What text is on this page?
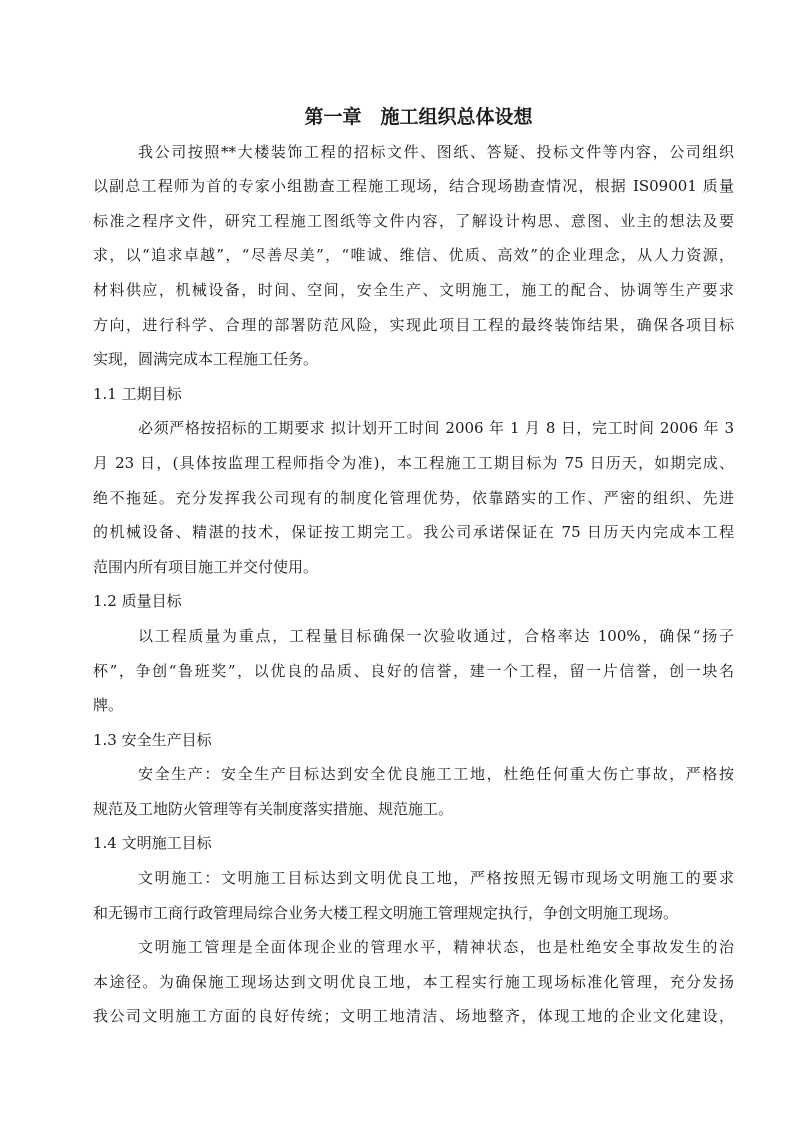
第一章　施工组织总体设想
我公司按照**大楼装饰工程的招标文件、图纸、答疑、投标文件等内容，公司组织
以副总工程师为首的专家小组勘查工程施工现场，结合现场勘查情况，根据 IS09001 质量
标准之程序文件，研究工程施工图纸等文件内容，了解设计构思、意图、业主的想法及要
求，以“追求卓越”，“尽善尽美”，“唯诚、维信、优质、高效”的企业理念，从人力资源，
材料供应，机械设备，时间、空间，安全生产、文明施工，施工的配合、协调等生产要求
方向，进行科学、合理的部署防范风险，实现此项目工程的最终装饰结果，确保各项目标
实现，圆满完成本工程施工任务。
1.1 工期目标
必须严格按招标的工期要求 拟计划开工时间 2006 年 1 月 8 日，完工时间 2006 年 3
月 23 日，(具体按监理工程师指令为准)，本工程施工工期目标为 75 日历天，如期完成、
绝不拖延。充分发挥我公司现有的制度化管理优势，依靠踏实的工作、严密的组织、先进
的机械设备、精湛的技术，保证按工期完工。我公司承诺保证在 75 日历天内完成本工程
范围内所有项目施工并交付使用。
1.2 质量目标
以工程质量为重点，工程量目标确保一次验收通过，合格率达 100%，确保“扬子
杯”，争创“鲁班奖”，以优良的品质、良好的信誉，建一个工程，留一片信誉，创一块名
牌。
1.3 安全生产目标
安全生产：安全生产目标达到安全优良施工工地，杜绝任何重大伤亡事故，严格按
规范及工地防火管理等有关制度落实措施、规范施工。
1.4 文明施工目标
文明施工：文明施工目标达到文明优良工地，严格按照无锡市现场文明施工的要求
和无锡市工商行政管理局综合业务大楼工程文明施工管理规定执行，争创文明施工现场。
文明施工管理是全面体现企业的管理水平，精神状态，也是杜绝安全事故发生的治
本途径。为确保施工现场达到文明优良工地，本工程实行施工现场标准化管理，充分发扬
我公司文明施工方面的良好传统；文明工地清洁、场地整齐，体现工地的企业文化建设，
